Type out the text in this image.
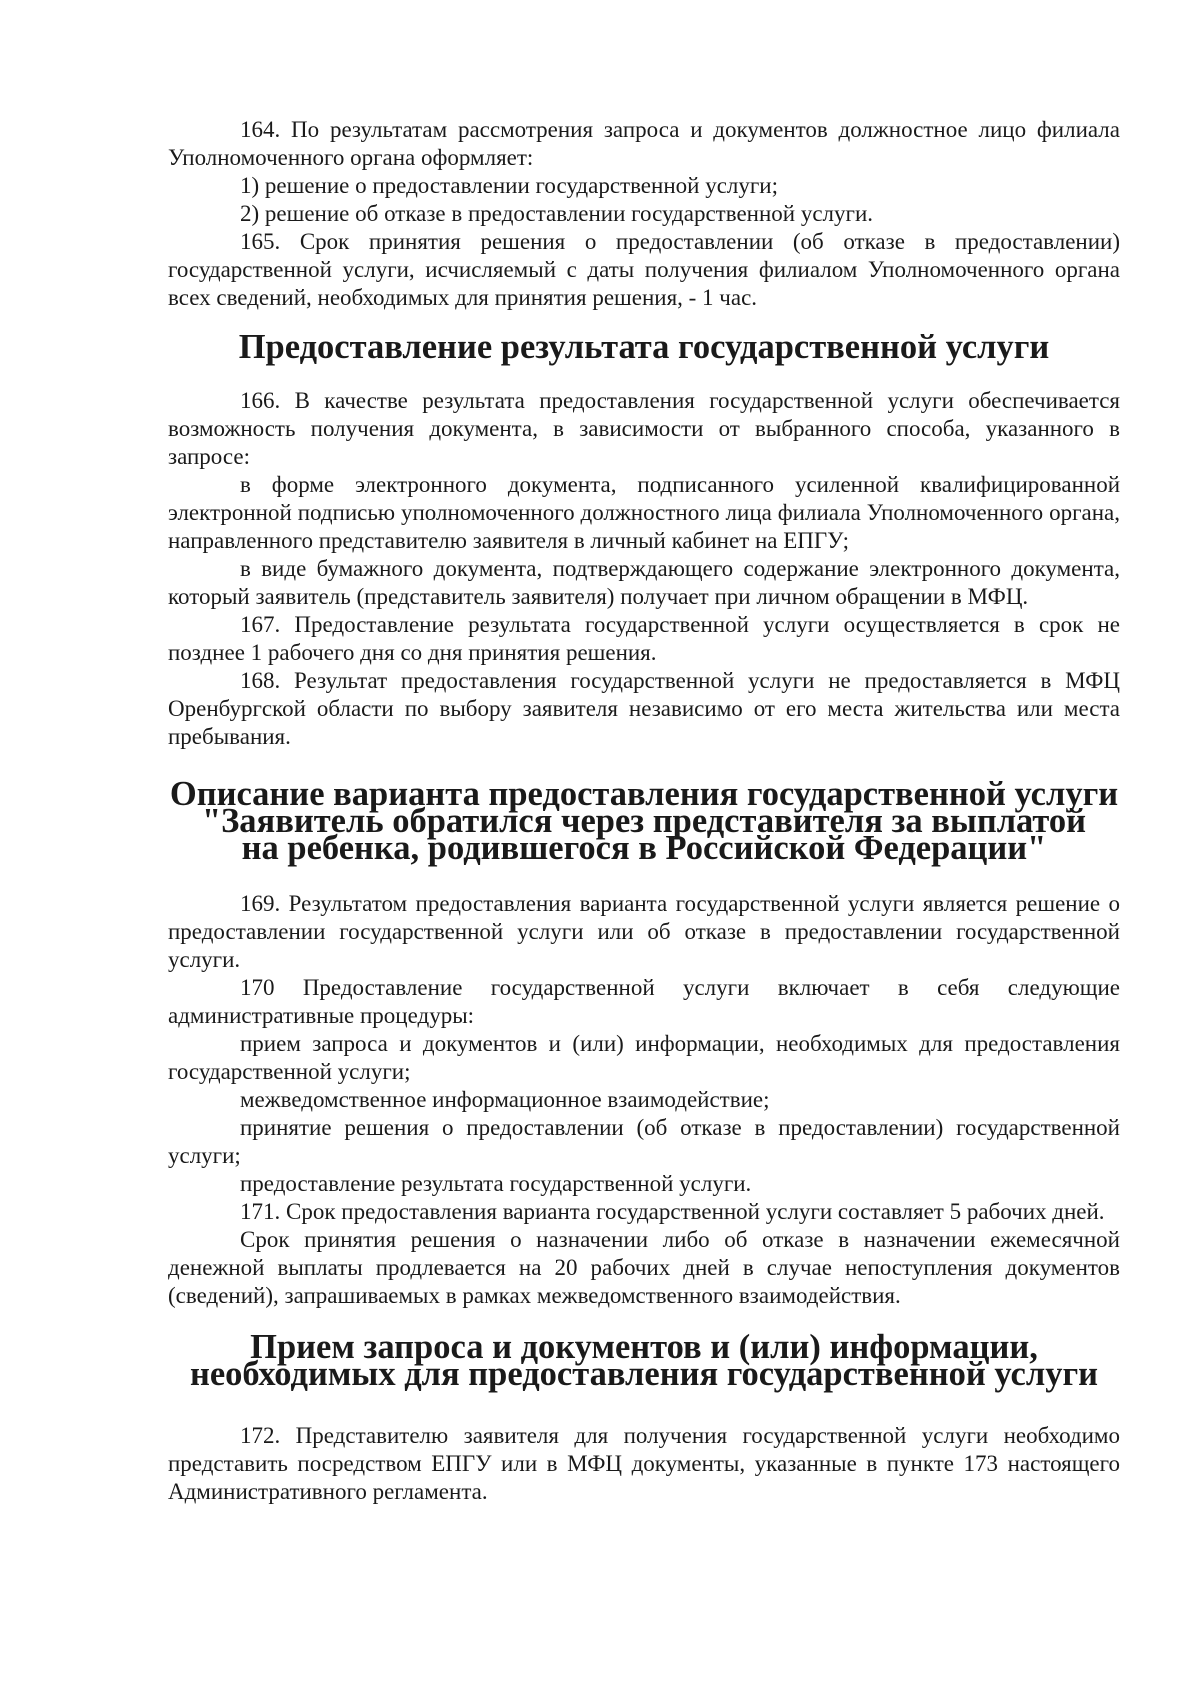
164. По результатам рассмотрения запроса и документов должностное лицо филиала Уполномоченного органа оформляет:

1) решение о предоставлении государственной услуги;

2) решение об отказе в предоставлении государственной услуги.

165. Срок принятия решения о предоставлении (об отказе в предоставлении) государственной услуги, исчисляемый с даты получения филиалом Уполномоченного органа всех сведений, необходимых для принятия решения, - 1 час.

Предоставление результата государственной услуги

166. В качестве результата предоставления государственной услуги обеспечивается возможность получения документа, в зависимости от выбранного способа, указанного в запросе:

в форме электронного документа, подписанного усиленной квалифицированной электронной подписью уполномоченного должностного лица филиала Уполномоченного органа, направленного представителю заявителя в личный кабинет на ЕПГУ;

в виде бумажного документа, подтверждающего содержание электронного документа, который заявитель (представитель заявителя) получает при личном обращении в МФЦ.

167. Предоставление результата государственной услуги осуществляется в срок не позднее 1 рабочего дня со дня принятия решения.

168. Результат предоставления государственной услуги не предоставляется в МФЦ Оренбургской области по выбору заявителя независимо от его места жительства или места пребывания.

Описание варианта предоставления государственной услуги
"Заявитель обратился через представителя за выплатой
на ребенка, родившегося в Российской Федерации"

169. Результатом предоставления варианта государственной услуги является решение о предоставлении государственной услуги или об отказе в предоставлении государственной услуги.

170 Предоставление государственной услуги включает в себя следующие административные процедуры:

прием запроса и документов и (или) информации, необходимых для предоставления государственной услуги;

межведомственное информационное взаимодействие;

принятие решения о предоставлении (об отказе в предоставлении) государственной услуги;

предоставление результата государственной услуги.

171. Срок предоставления варианта государственной услуги составляет 5 рабочих дней.

Срок принятия решения о назначении либо об отказе в назначении ежемесячной денежной выплаты продлевается на 20 рабочих дней в случае непоступления документов (сведений), запрашиваемых в рамках межведомственного взаимодействия.

Прием запроса и документов и (или) информации,
необходимых для предоставления государственной услуги

172. Представителю заявителя для получения государственной услуги необходимо представить посредством ЕПГУ или в МФЦ документы, указанные в пункте 173 настоящего Административного регламента.
